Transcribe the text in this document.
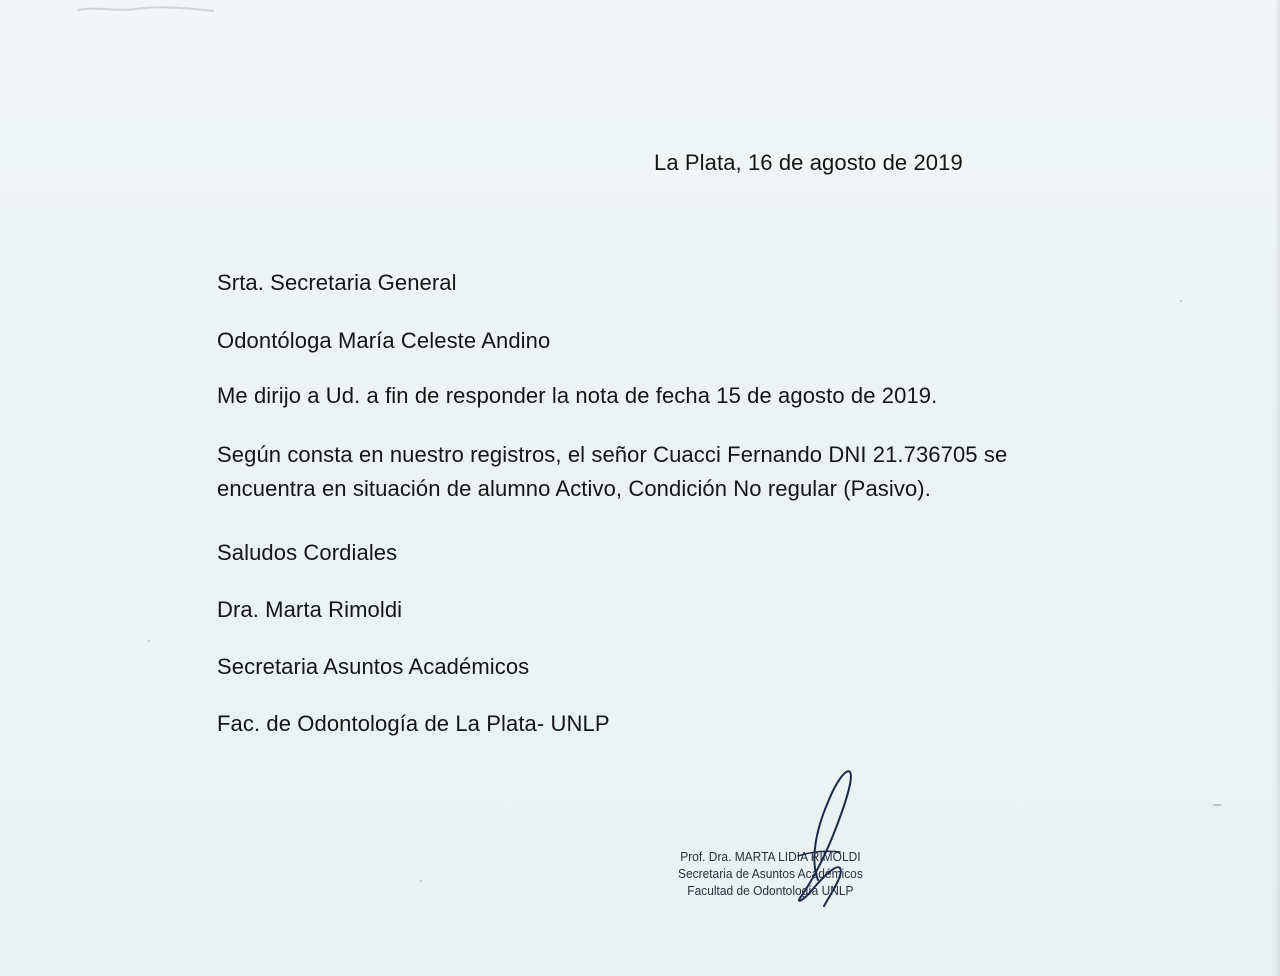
La Plata, 16 de agosto de 2019
Srta. Secretaria General
Odontóloga María Celeste Andino
Me dirijo a Ud. a fin de responder la nota de fecha 15 de agosto de 2019.
Según consta en nuestro registros, el señor Cuacci Fernando DNI 21.736705 se encuentra en situación de alumno Activo, Condición No regular (Pasivo).
Saludos Cordiales
Dra. Marta Rimoldi
Secretaria Asuntos Académicos
Fac. de Odontología de La Plata- UNLP
Prof. Dra. MARTA LIDIA RIMOLDI
Secretaria de Asuntos Académicos
Facultad de Odontología UNLP
